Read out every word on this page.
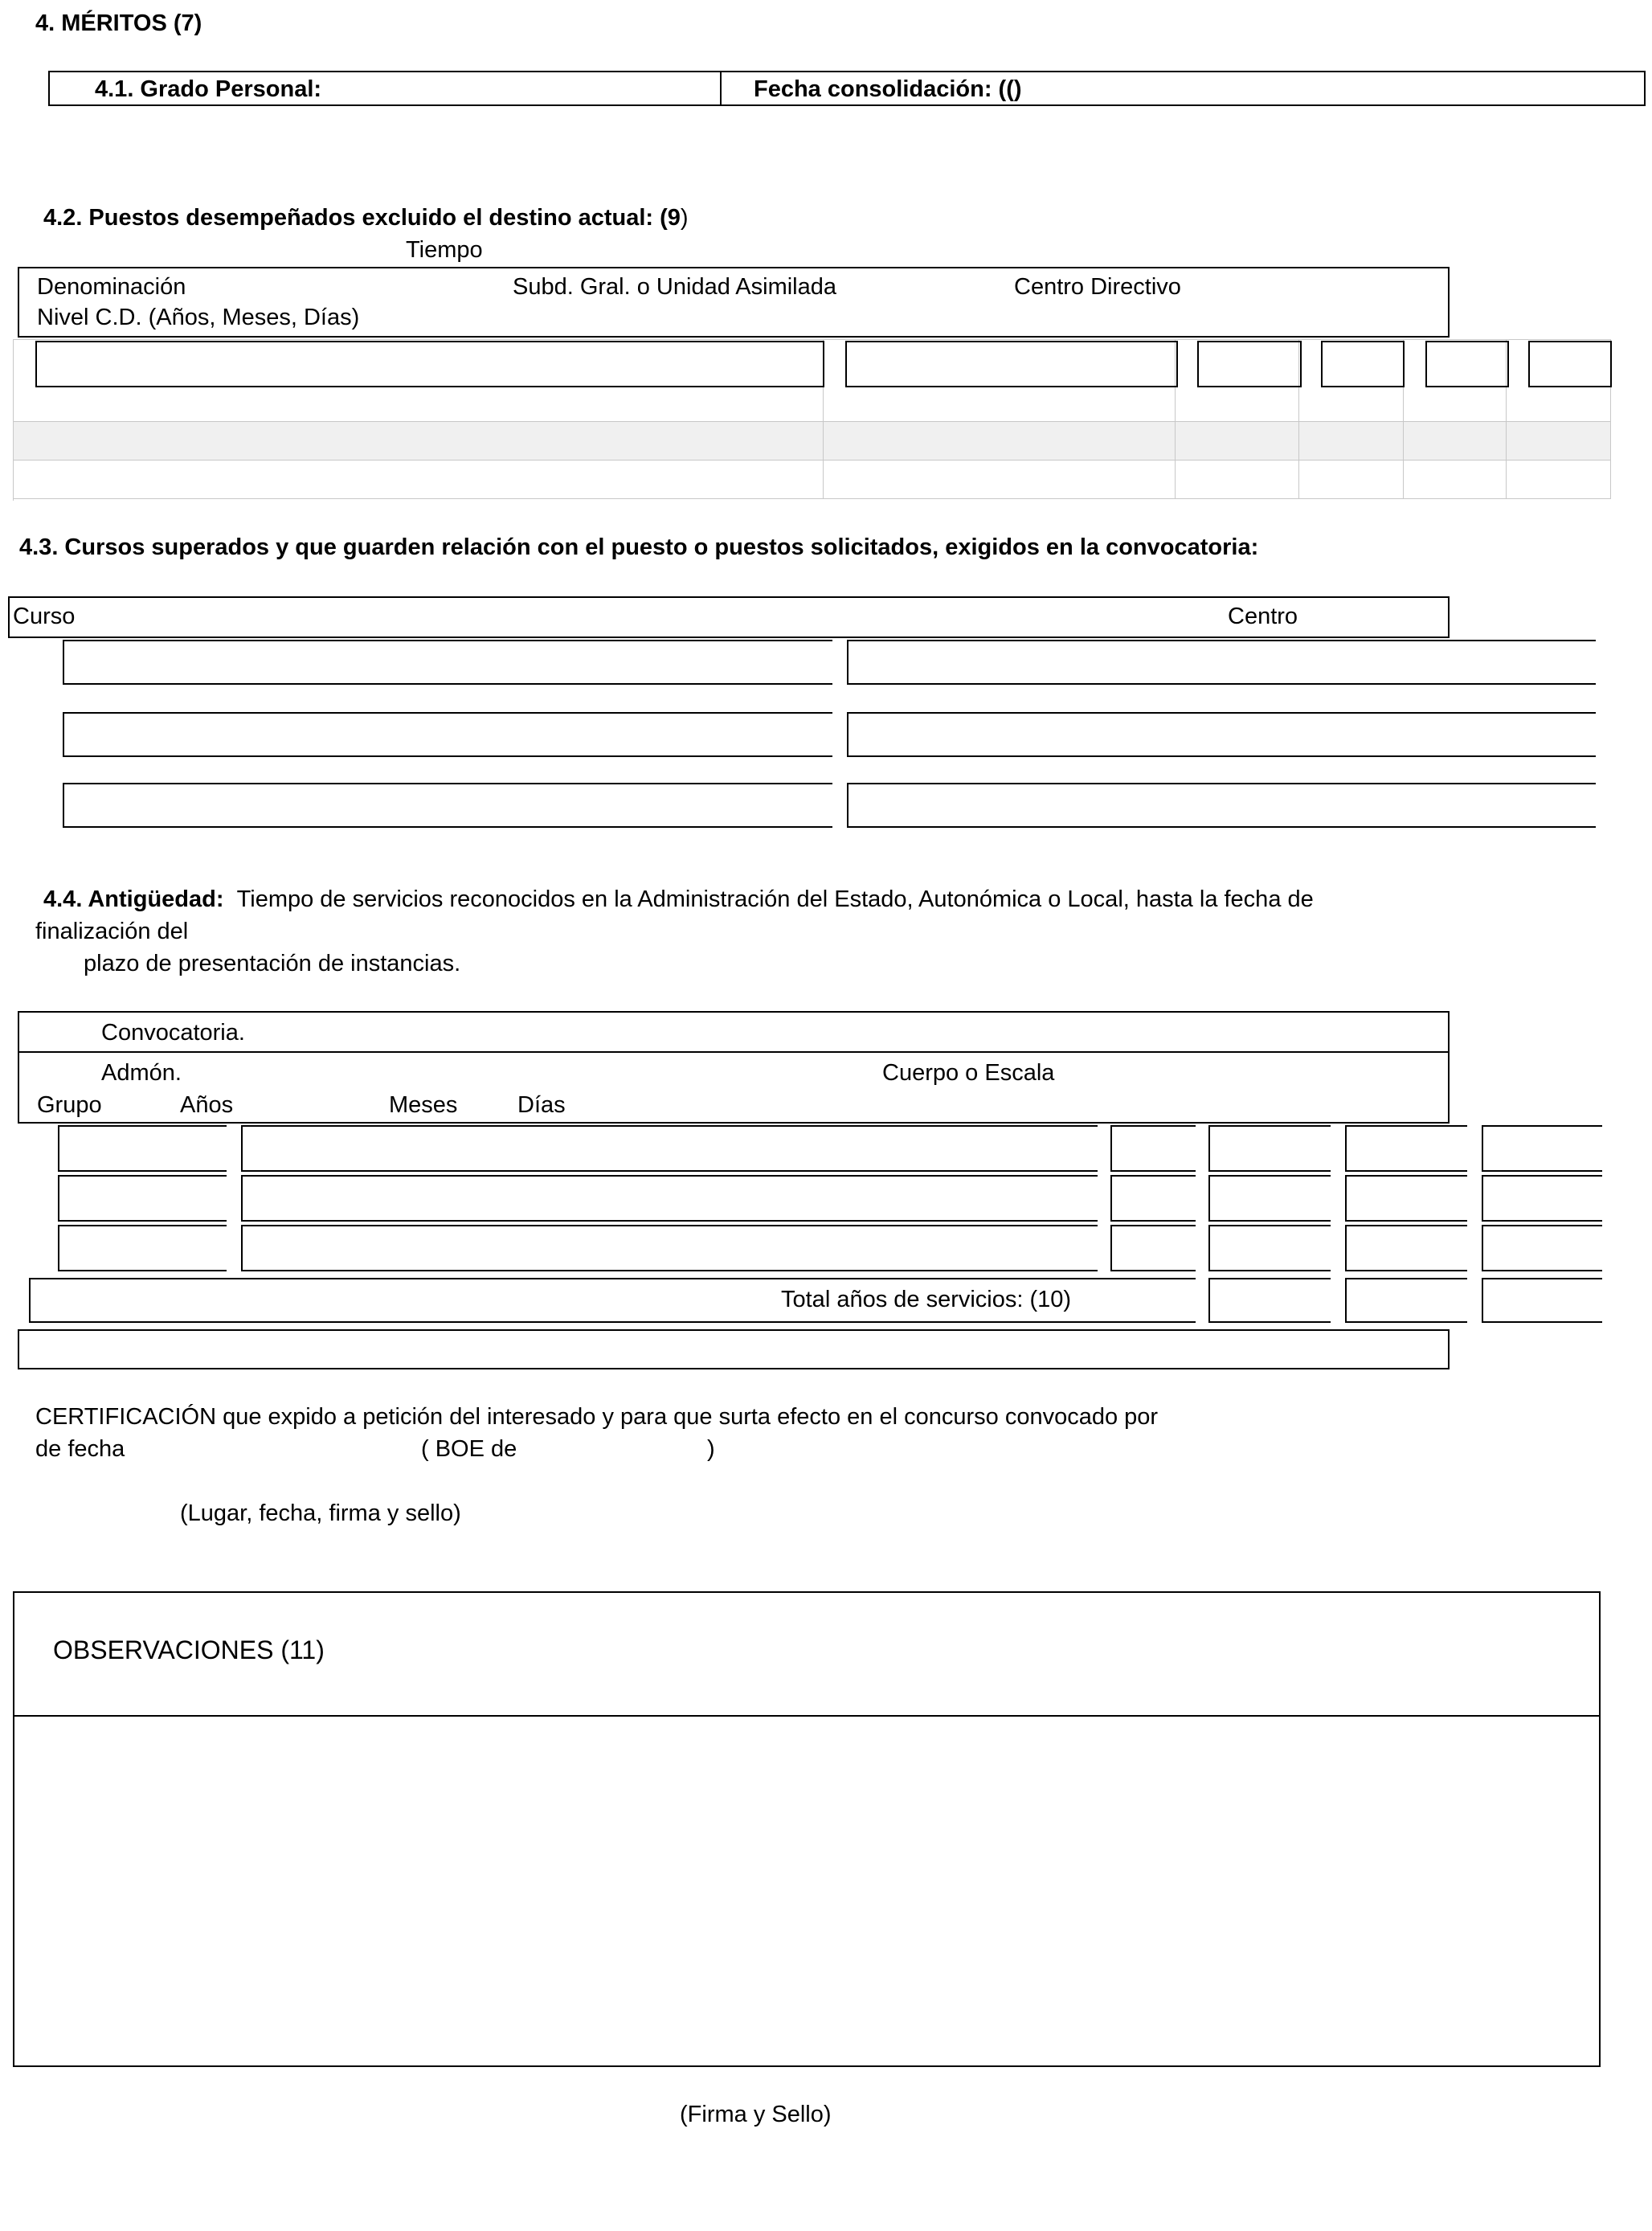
4. MÉRITOS (7)
4.1. Grado Personal:	Fecha consolidación: (()
4.2. Puestos desempeñados excluido el destino actual: (9)
Tiempo
Denominación	Subd. Gral. o Unidad Asimilada	Centro Directivo
Nivel C.D. (Años, Meses, Días)
4.3. Cursos superados y que guarden relación con el puesto o puestos solicitados, exigidos en la convocatoria:
Curso	Centro
4.4. Antigüedad: Tiempo de servicios reconocidos en la Administración del Estado, Autonómica o Local, hasta la fecha de
finalización del
plazo de presentación de instancias.
Convocatoria.
Admón.	Cuerpo o Escala
Grupo	Años	Meses	Días
Total años de servicios: (10)
CERTIFICACIÓN que expido a petición del interesado y para que surta efecto en el concurso convocado por
de fecha	( BOE de	)
(Lugar, fecha, firma y sello)
OBSERVACIONES (11)
(Firma y Sello)
